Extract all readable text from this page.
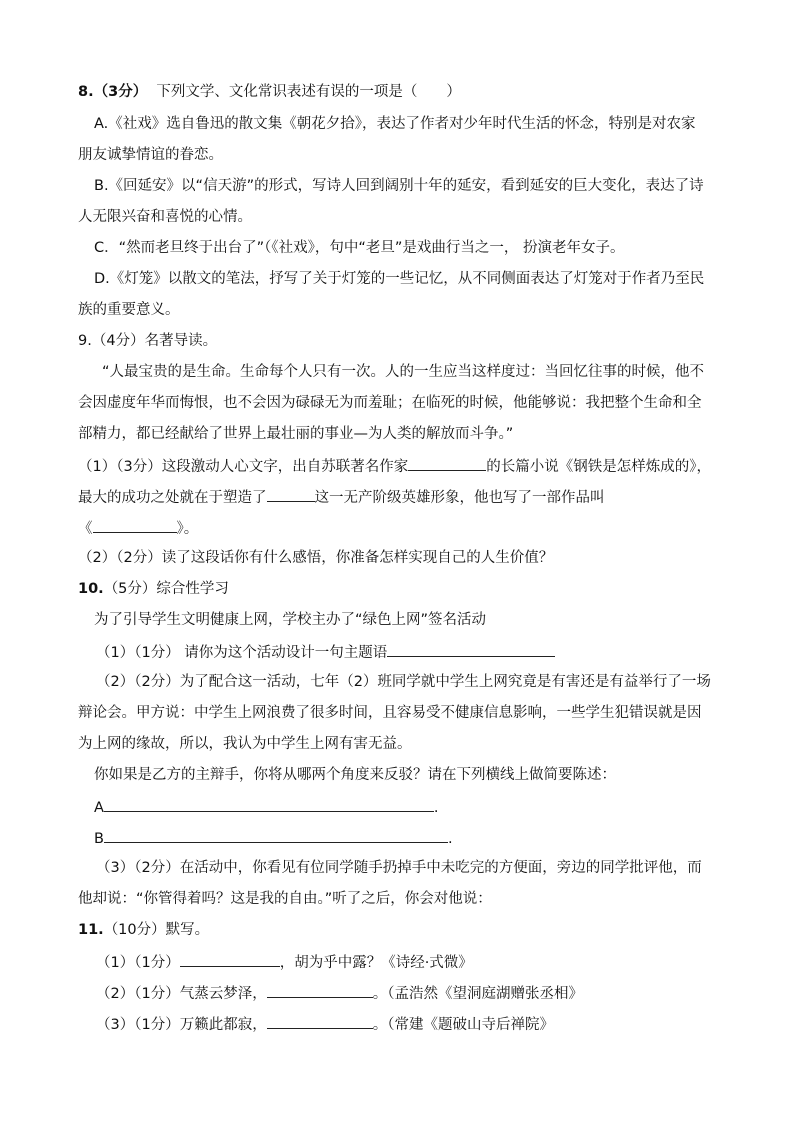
8.（3分） 下列文学、文化常识表述有误的一项是（　　）
A.《社戏》选自鲁迅的散文集《朝花夕拾》，表达了作者对少年时代生活的怀念，特别是对农家
朋友诚挚情谊的眷恋。
B.《回延安》以“信天游”的形式，写诗人回到阔别十年的延安，看到延安的巨大变化，表达了诗
人无限兴奋和喜悦的心情。
C．“然而老旦终于出台了”（《社戏》，句中“老旦”是戏曲行当之一， 扮演老年女子。
D.《灯笼》以散文的笔法，抒写了关于灯笼的一些记忆，从不同侧面表达了灯笼对于作者乃至民
族的重要意义。
9.（4分）名著导读。
“人最宝贵的是生命。生命每个人只有一次。人的一生应当这样度过：当回忆往事的时候，他不
会因虚度年华而悔恨，也不会因为碌碌无为而羞耻；在临死的时候，他能够说：我把整个生命和全
部精力，都已经献给了世界上最壮丽的事业—为人类的解放而斗争。”
（1）（3分）这段激动人心文字，出自苏联著名作家	的长篇小说《钢铁是怎样炼成的》，
最大的成功之处就在于塑造了	这一无产阶级英雄形象，他也写了一部作品叫
《	》。
（2）（2分）读了这段话你有什么感悟，你准备怎样实现自己的人生价值？
10.（5分）综合性学习
为了引导学生文明健康上网，学校主办了“绿色上网”签名活动
（1）（1分） 请你为这个活动设计一句主题语
（2）（2分）为了配合这一活动，七年（2）班同学就中学生上网究竟是有害还是有益举行了一场
辩论会。甲方说：中学生上网浪费了很多时间，且容易受不健康信息影响，一些学生犯错误就是因
为上网的缘故，所以，我认为中学生上网有害无益。
你如果是乙方的主辩手，你将从哪两个角度来反驳？请在下列横线上做简要陈述：
A	.
B	.
（3）（2分）在活动中，你看见有位同学随手扔掉手中未吃完的方便面，旁边的同学批评他，而
他却说：“你管得着吗？这是我的自由。”听了之后，你会对他说：
11.（10分）默写。
（1）（1分）	，胡为乎中露？《诗经·式微》
（2）（1分）气蒸云梦泽，	。（孟浩然《望洞庭湖赠张丞相》
（3）（1分）万籁此都寂，	。（常建《题破山寺后禅院》
